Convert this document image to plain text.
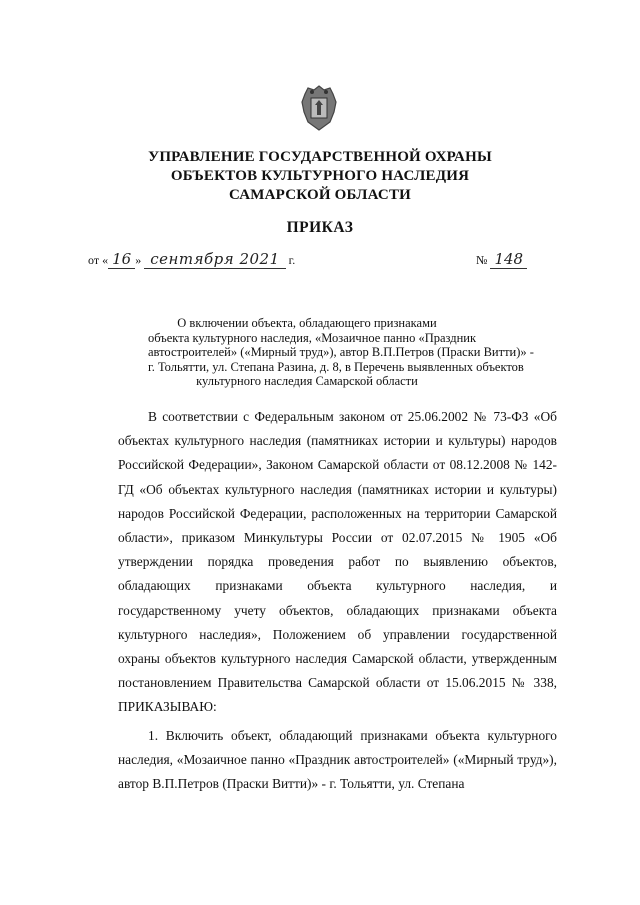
УПРАВЛЕНИЕ ГОСУДАРСТВЕННОЙ ОХРАНЫ
ОБЪЕКТОВ КУЛЬТУРНОГО НАСЛЕДИЯ
САМАРСКОЙ ОБЛАСТИ
ПРИКАЗ
от « 16 » сентября 2021 г.	№ 148
О включении объекта, обладающего признаками
объекта культурного наследия, «Мозаичное панно «Праздник
автостроителей» («Мирный труд»), автор В.П.Петров (Праски Витти)» -
г. Тольятти, ул. Степана Разина, д. 8, в Перечень выявленных объектов
культурного наследия Самарской области

В соответствии с Федеральным законом от 25.06.2002 № 73-ФЗ «Об объектах культурного наследия (памятниках истории и культуры) народов Российской Федерации», Законом Самарской области от 08.12.2008 № 142-ГД «Об объектах культурного наследия (памятниках истории и культуры) народов Российской Федерации, расположенных на территории Самарской области», приказом Минкультуры России от 02.07.2015 № 1905 «Об утверждении порядка проведения работ по выявлению объектов, обладающих признаками объекта культурного наследия, и государственному учету объектов, обладающих признаками объекта культурного наследия», Положением об управлении государственной охраны объектов культурного наследия Самарской области, утвержденным постановлением Правительства Самарской области от 15.06.2015 № 338, ПРИКАЗЫВАЮ:

1. Включить объект, обладающий признаками объекта культурного наследия, «Мозаичное панно «Праздник автостроителей» («Мирный труд»), автор В.П.Петров (Праски Витти)» - г. Тольятти, ул. Степана
